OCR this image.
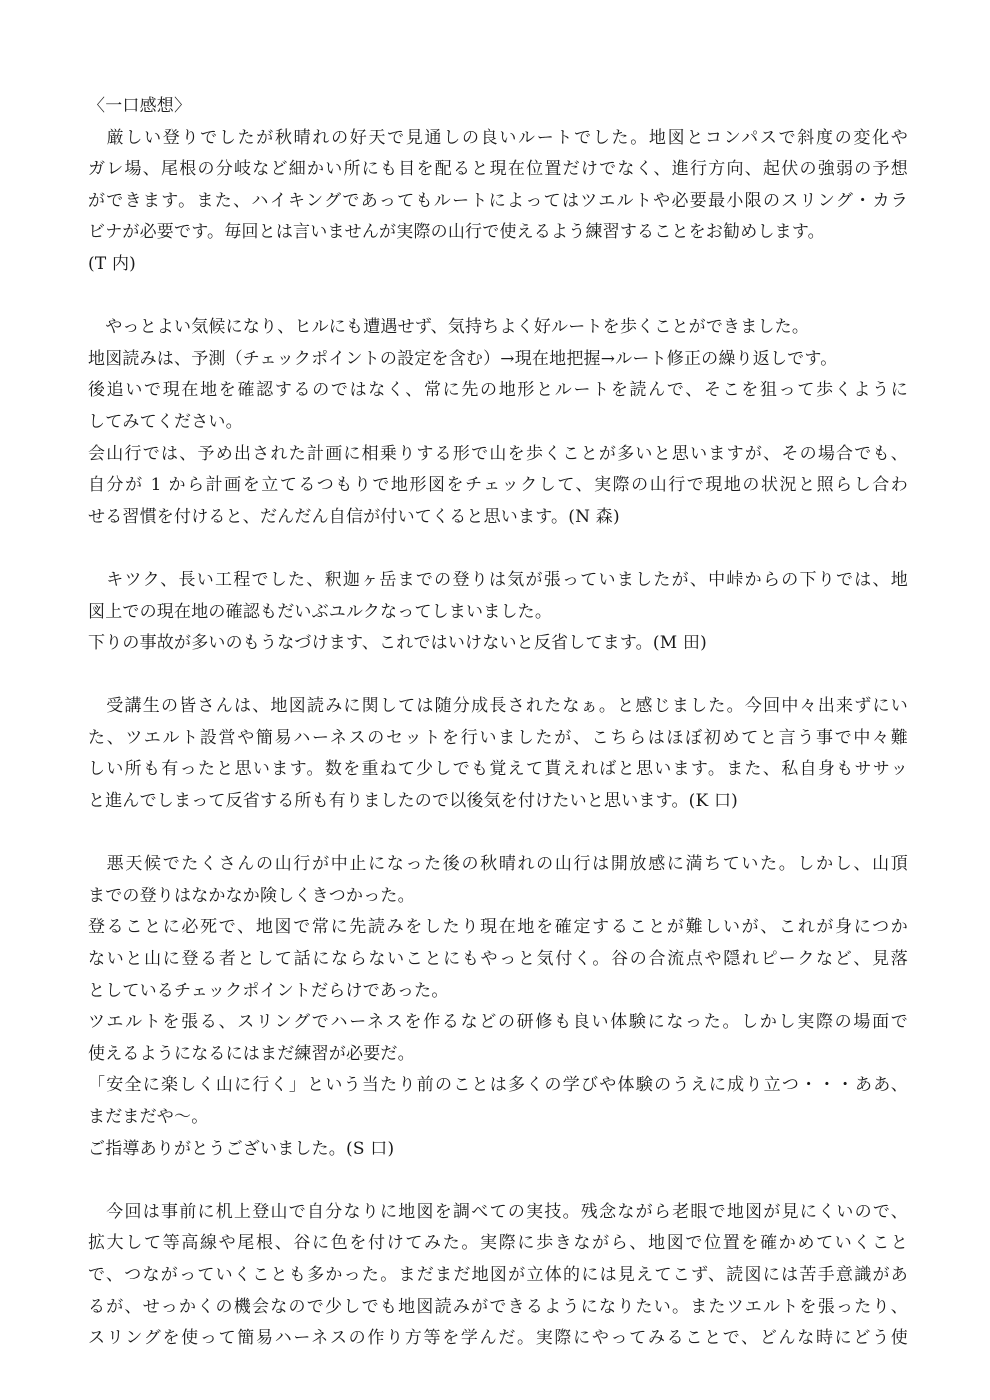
〈一口感想〉
　厳しい登りでしたが秋晴れの好天で見通しの良いルートでした。地図とコンパスで斜度の変化や
ガレ場、尾根の分岐など細かい所にも目を配ると現在位置だけでなく、進行方向、起伏の強弱の予想
ができます。また、ハイキングであってもルートによってはツエルトや必要最小限のスリング・カラ
ビナが必要です。毎回とは言いませんが実際の山行で使えるよう練習することをお勧めします。
(T 内)
　やっとよい気候になり、ヒルにも遭遇せず、気持ちよく好ルートを歩くことができました。
地図読みは、予測（チェックポイントの設定を含む）→現在地把握→ルート修正の繰り返しです。
後追いで現在地を確認するのではなく、常に先の地形とルートを読んで、そこを狙って歩くように
してみてください。
会山行では、予め出された計画に相乗りする形で山を歩くことが多いと思いますが、その場合でも、
自分が 1 から計画を立てるつもりで地形図をチェックして、実際の山行で現地の状況と照らし合わ
せる習慣を付けると、だんだん自信が付いてくると思います。(N 森)
　キツク、長い工程でした、釈迦ヶ岳までの登りは気が張っていましたが、中峠からの下りでは、地
図上での現在地の確認もだいぶユルクなってしまいました。
下りの事故が多いのもうなづけます、これではいけないと反省してます。(M 田)
　受講生の皆さんは、地図読みに関しては随分成長されたなぁ。と感じました。今回中々出来ずにい
た、ツエルト設営や簡易ハーネスのセットを行いましたが、こちらはほぼ初めてと言う事で中々難
しい所も有ったと思います。数を重ねて少しでも覚えて貰えればと思います。また、私自身もササッ
と進んでしまって反省する所も有りましたので以後気を付けたいと思います。(K 口)
　悪天候でたくさんの山行が中止になった後の秋晴れの山行は開放感に満ちていた。しかし、山頂
までの登りはなかなか険しくきつかった。
登ることに必死で、地図で常に先読みをしたり現在地を確定することが難しいが、これが身につか
ないと山に登る者として話にならないことにもやっと気付く。谷の合流点や隠れピークなど、見落
としているチェックポイントだらけであった。
ツエルトを張る、スリングでハーネスを作るなどの研修も良い体験になった。しかし実際の場面で
使えるようになるにはまだ練習が必要だ。
「安全に楽しく山に行く」という当たり前のことは多くの学びや体験のうえに成り立つ・・・ああ、
まだまだや〜。
ご指導ありがとうございました。(S 口)
　今回は事前に机上登山で自分なりに地図を調べての実技。残念ながら老眼で地図が見にくいので、
拡大して等高線や尾根、谷に色を付けてみた。実際に歩きながら、地図で位置を確かめていくこと
で、つながっていくことも多かった。まだまだ地図が立体的には見えてこず、読図には苦手意識があ
るが、せっかくの機会なので少しでも地図読みができるようになりたい。またツエルトを張ったり、
スリングを使って簡易ハーネスの作り方等を学んだ。実際にやってみることで、どんな時にどう使
